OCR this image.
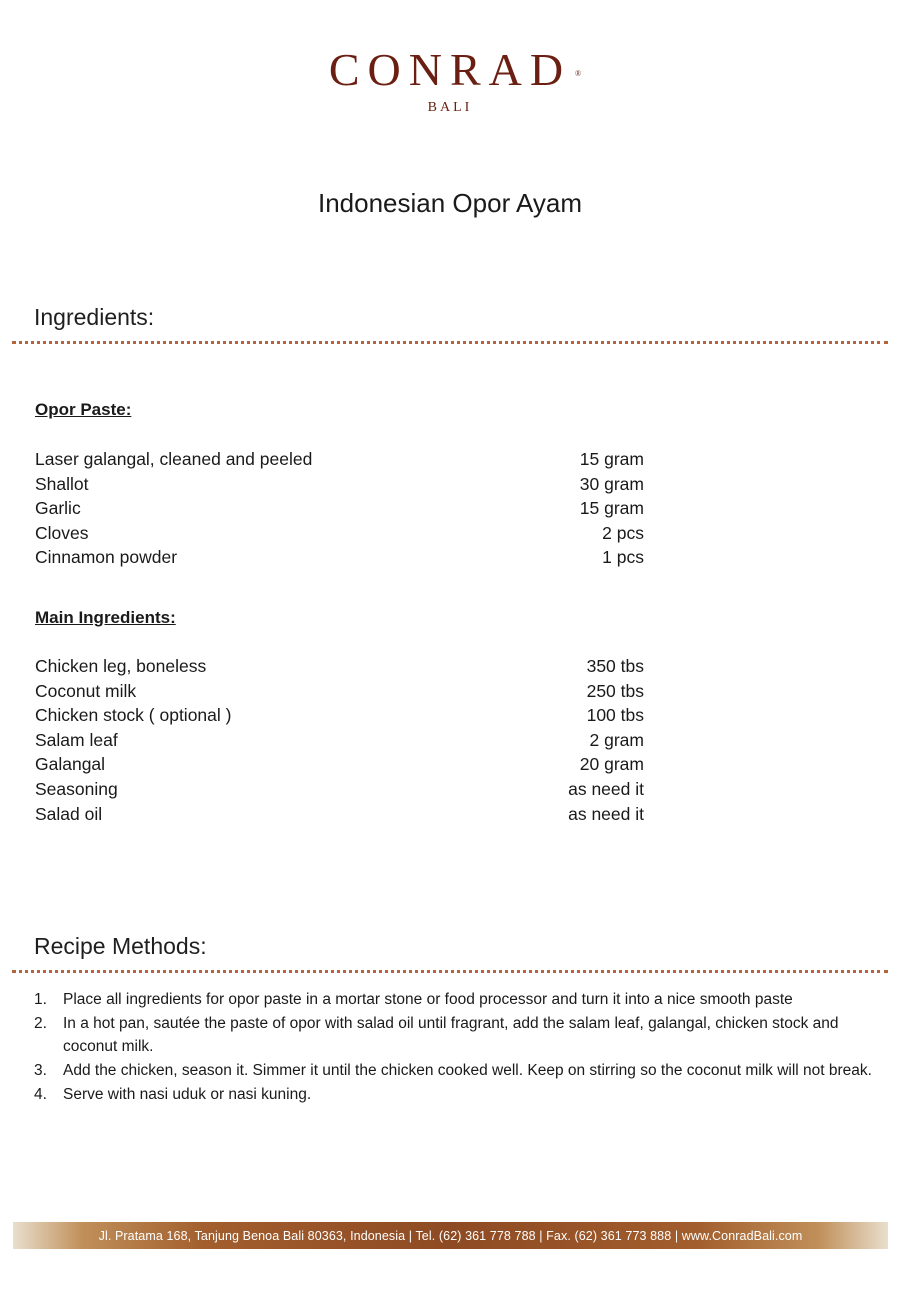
CONRAD ®
BALI
Indonesian Opor Ayam
Ingredients:
Opor Paste:
Laser galangal, cleaned and peeled	15 gram
Shallot	30 gram
Garlic	15 gram
Cloves	2 pcs
Cinnamon powder	1 pcs
Main Ingredients:
Chicken leg, boneless	350 tbs
Coconut milk	250 tbs
Chicken stock ( optional )	100 tbs
Salam leaf	2 gram
Galangal	20 gram
Seasoning	as need it
Salad oil	as need it
Recipe Methods:
1.	Place all ingredients for opor paste in a mortar stone or food processor and turn it into a nice smooth paste
2.	In a hot pan, sautée the paste of opor with salad oil until fragrant, add the salam leaf, galangal, chicken stock and coconut milk.
3.	Add the chicken, season it. Simmer it until the chicken cooked well. Keep on stirring so the coconut milk will not break.
4.	Serve with nasi uduk or nasi kuning.
Jl. Pratama 168, Tanjung Benoa Bali 80363, Indonesia | Tel. (62) 361 778 788 | Fax. (62) 361 773 888 | www.ConradBali.com
